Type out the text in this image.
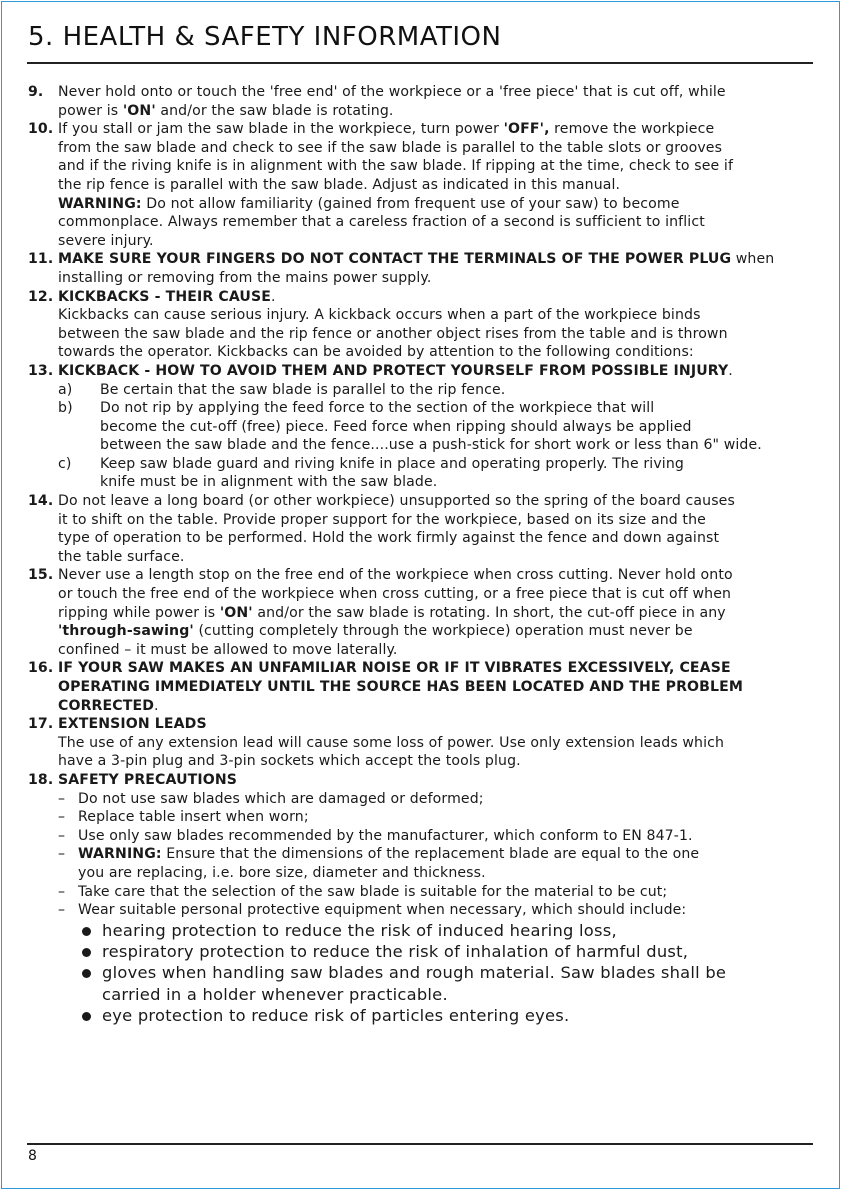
5. HEALTH & SAFETY INFORMATION
9. Never hold onto or touch the 'free end' of the workpiece or a 'free piece' that is cut off, while
power is 'ON' and/or the saw blade is rotating.
10. If you stall or jam the saw blade in the workpiece, turn power 'OFF', remove the workpiece
from the saw blade and check to see if the saw blade is parallel to the table slots or grooves
and if the riving knife is in alignment with the saw blade. If ripping at the time, check to see if
the rip fence is parallel with the saw blade. Adjust as indicated in this manual.
WARNING: Do not allow familiarity (gained from frequent use of your saw) to become
commonplace. Always remember that a careless fraction of a second is sufficient to inflict
severe injury.
11. MAKE SURE YOUR FINGERS DO NOT CONTACT THE TERMINALS OF THE POWER PLUG when
installing or removing from the mains power supply.
12. KICKBACKS - THEIR CAUSE.
Kickbacks can cause serious injury. A kickback occurs when a part of the workpiece binds
between the saw blade and the rip fence or another object rises from the table and is thrown
towards the operator. Kickbacks can be avoided by attention to the following conditions:
13. KICKBACK - HOW TO AVOID THEM AND PROTECT YOURSELF FROM POSSIBLE INJURY.
a) Be certain that the saw blade is parallel to the rip fence.
b) Do not rip by applying the feed force to the section of the workpiece that will
become the cut-off (free) piece. Feed force when ripping should always be applied
between the saw blade and the fence....use a push-stick for short work or less than 6" wide.
c) Keep saw blade guard and riving knife in place and operating properly. The riving
knife must be in alignment with the saw blade.
14. Do not leave a long board (or other workpiece) unsupported so the spring of the board causes
it to shift on the table. Provide proper support for the workpiece, based on its size and the
type of operation to be performed. Hold the work firmly against the fence and down against
the table surface.
15. Never use a length stop on the free end of the workpiece when cross cutting. Never hold onto
or touch the free end of the workpiece when cross cutting, or a free piece that is cut off when
ripping while power is 'ON' and/or the saw blade is rotating. In short, the cut-off piece in any
'through-sawing' (cutting completely through the workpiece) operation must never be
confined – it must be allowed to move laterally.
16. IF YOUR SAW MAKES AN UNFAMILIAR NOISE OR IF IT VIBRATES EXCESSIVELY, CEASE
OPERATING IMMEDIATELY UNTIL THE SOURCE HAS BEEN LOCATED AND THE PROBLEM
CORRECTED.
17. EXTENSION LEADS
The use of any extension lead will cause some loss of power. Use only extension leads which
have a 3-pin plug and 3-pin sockets which accept the tools plug.
18. SAFETY PRECAUTIONS
– Do not use saw blades which are damaged or deformed;
– Replace table insert when worn;
– Use only saw blades recommended by the manufacturer, which conform to EN 847-1.
– WARNING: Ensure that the dimensions of the replacement blade are equal to the one
you are replacing, i.e. bore size, diameter and thickness.
– Take care that the selection of the saw blade is suitable for the material to be cut;
– Wear suitable personal protective equipment when necessary, which should include:
hearing protection to reduce the risk of induced hearing loss,
respiratory protection to reduce the risk of inhalation of harmful dust,
gloves when handling saw blades and rough material. Saw blades shall be
carried in a holder whenever practicable.
eye protection to reduce risk of particles entering eyes.
8
